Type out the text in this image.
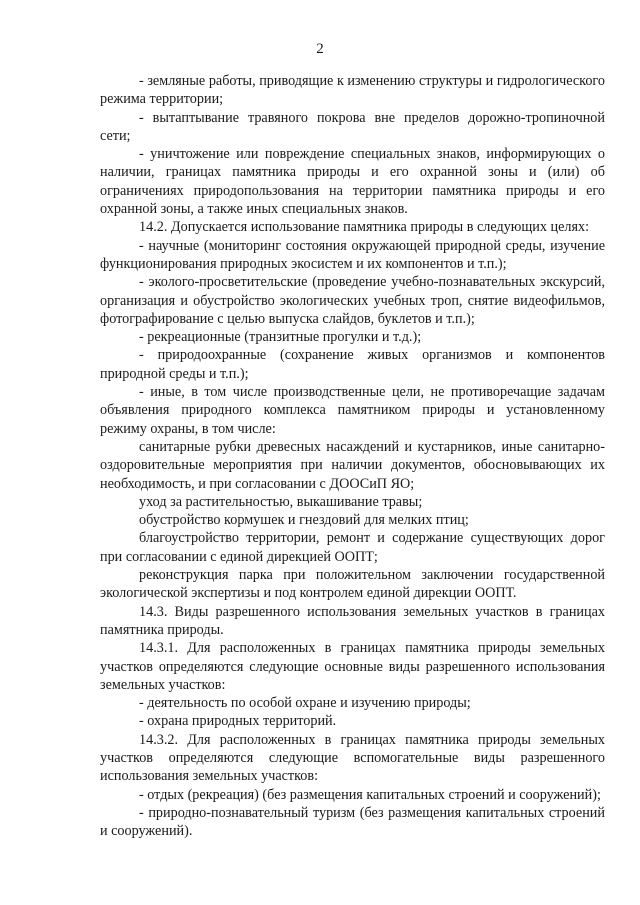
2

- земляные работы, приводящие к изменению структуры и гидрологического режима территории;

- вытаптывание травяного покрова вне пределов дорожно-тропиночной сети;

- уничтожение или повреждение специальных знаков, информирующих о наличии, границах памятника природы и его охранной зоны и (или) об ограничениях природопользования на территории памятника природы и его охранной зоны, а также иных специальных знаков.

14.2. Допускается использование памятника природы в следующих целях:

- научные (мониторинг состояния окружающей природной среды, изучение функционирования природных экосистем и их компонентов и т.п.);

- эколого-просветительские (проведение учебно-познавательных экскурсий, организация и обустройство экологических учебных троп, снятие видеофильмов, фотографирование с целью выпуска слайдов, буклетов и т.п.);

- рекреационные (транзитные прогулки и т.д.);

- природоохранные (сохранение живых организмов и компонентов природной среды и т.п.);

- иные, в том числе производственные цели, не противоречащие задачам объявления природного комплекса памятником природы и установленному режиму охраны, в том числе:

санитарные рубки древесных насаждений и кустарников, иные санитарно-оздоровительные мероприятия при наличии документов, обосновывающих их необходимость, и при согласовании с ДООСиП ЯО;

уход за растительностью, выкашивание травы;

обустройство кормушек и гнездовий для мелких птиц;

благоустройство территории, ремонт и содержание существующих дорог при согласовании с единой дирекцией ООПТ;

реконструкция парка при положительном заключении государственной экологической экспертизы и под контролем единой дирекции ООПТ.

14.3. Виды разрешенного использования земельных участков в границах памятника природы.

14.3.1. Для расположенных в границах памятника природы земельных участков определяются следующие основные виды разрешенного использования земельных участков:

- деятельность по особой охране и изучению природы;

- охрана природных территорий.

14.3.2. Для расположенных в границах памятника природы земельных участков определяются следующие вспомогательные виды разрешенного использования земельных участков:

- отдых (рекреация) (без размещения капитальных строений и сооружений);

- природно-познавательный туризм (без размещения капитальных строений и сооружений).
